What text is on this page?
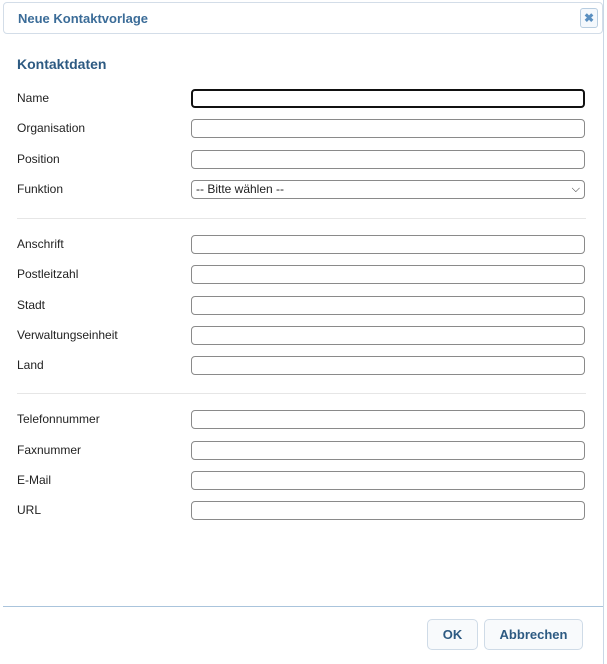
Neue Kontaktvorlage	✖
Kontaktdaten
Name
Organisation
Position
Funktion	-- Bitte wählen --	⌵
Anschrift
Postleitzahl
Stadt
Verwaltungseinheit
Land
Telefonnummer
Faxnummer
E-Mail
URL
OK	Abbrechen
